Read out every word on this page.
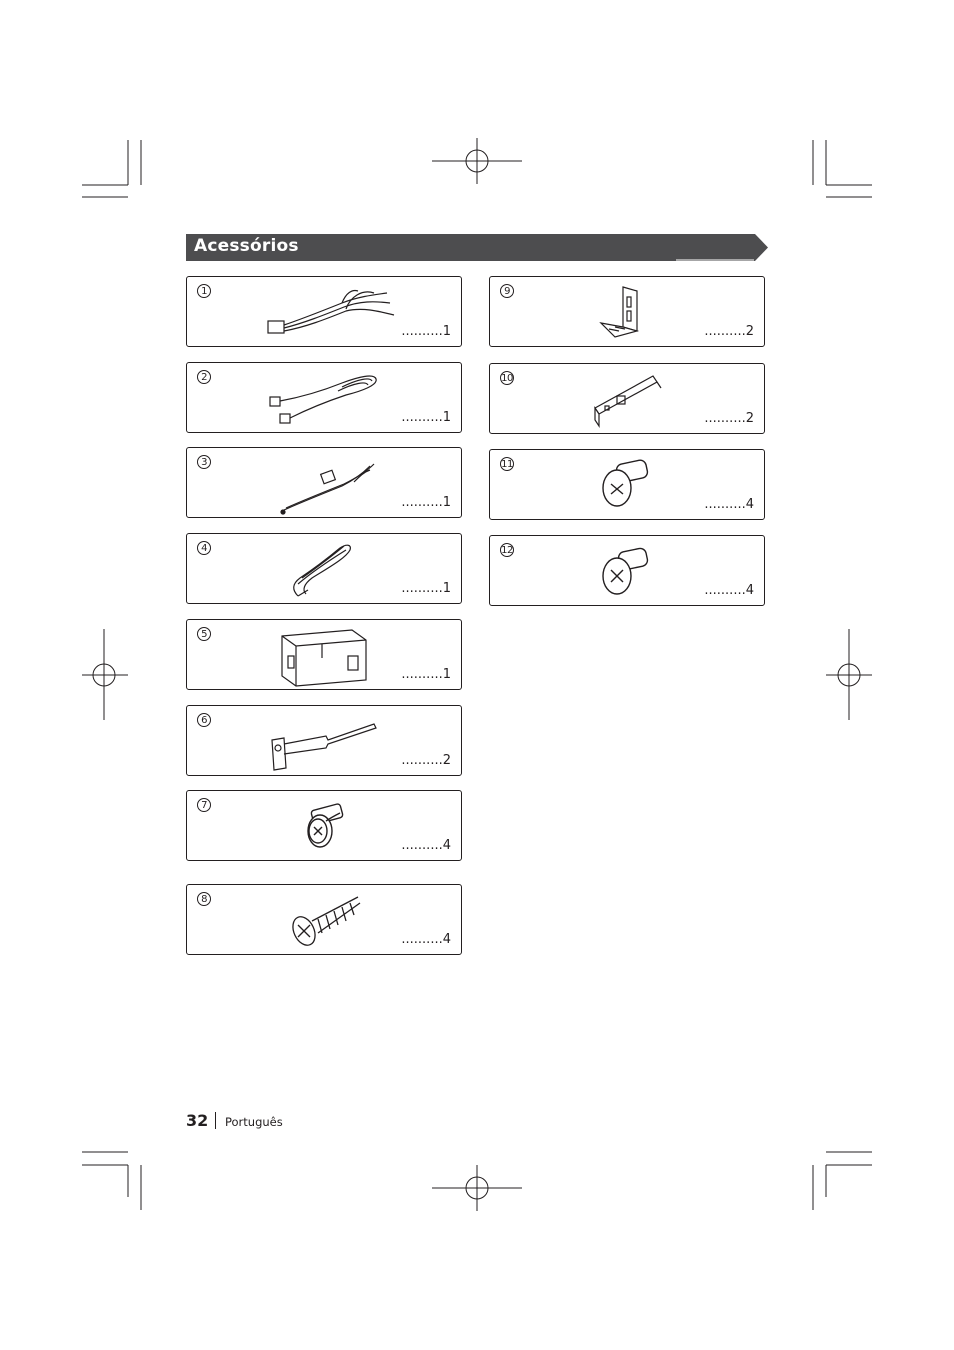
Acessórios
1
..........1
2
..........1
3
..........1
4
..........1
5
..........1
6
..........2
7
..........4
8
..........4
9
..........2
10
..........2
11
..........4
12
..........4
32 Português
